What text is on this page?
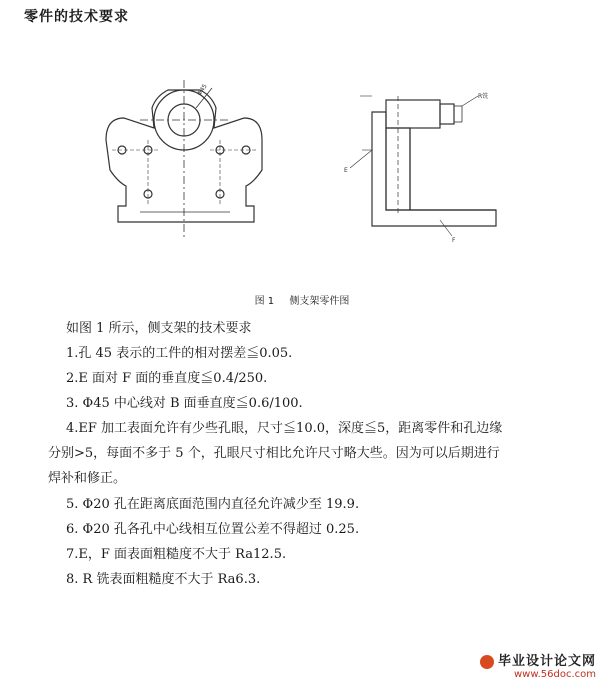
零件的技术要求
Φ45	R铣
E
F
图 1 侧支架零件图
如图 1 所示，侧支架的技术要求
1.孔 45 表示的工件的相对摆差≦0.05.
2.E 面对 F 面的垂直度≦0.4/250.
3. Φ45 中心线对 B 面垂直度≦0.6/100.

4.EF 加工表面允许有少些孔眼，尺寸≦10.0，深度≦5，距离零件和孔边缘

分别>5，每面不多于 5 个，孔眼尺寸相比允许尺寸略大些。因为可以后期进行

焊补和修正。

5. Φ20 孔在距离底面范围内直径允许减少至 19.9.
6. Φ20 孔各孔中心线相互位置公差不得超过 0.25.
7.E，F 面表面粗糙度不大于 Ra12.5.
8. R 铣表面粗糙度不大于 Ra6.3.
毕业设计论文网
www.56doc.com
